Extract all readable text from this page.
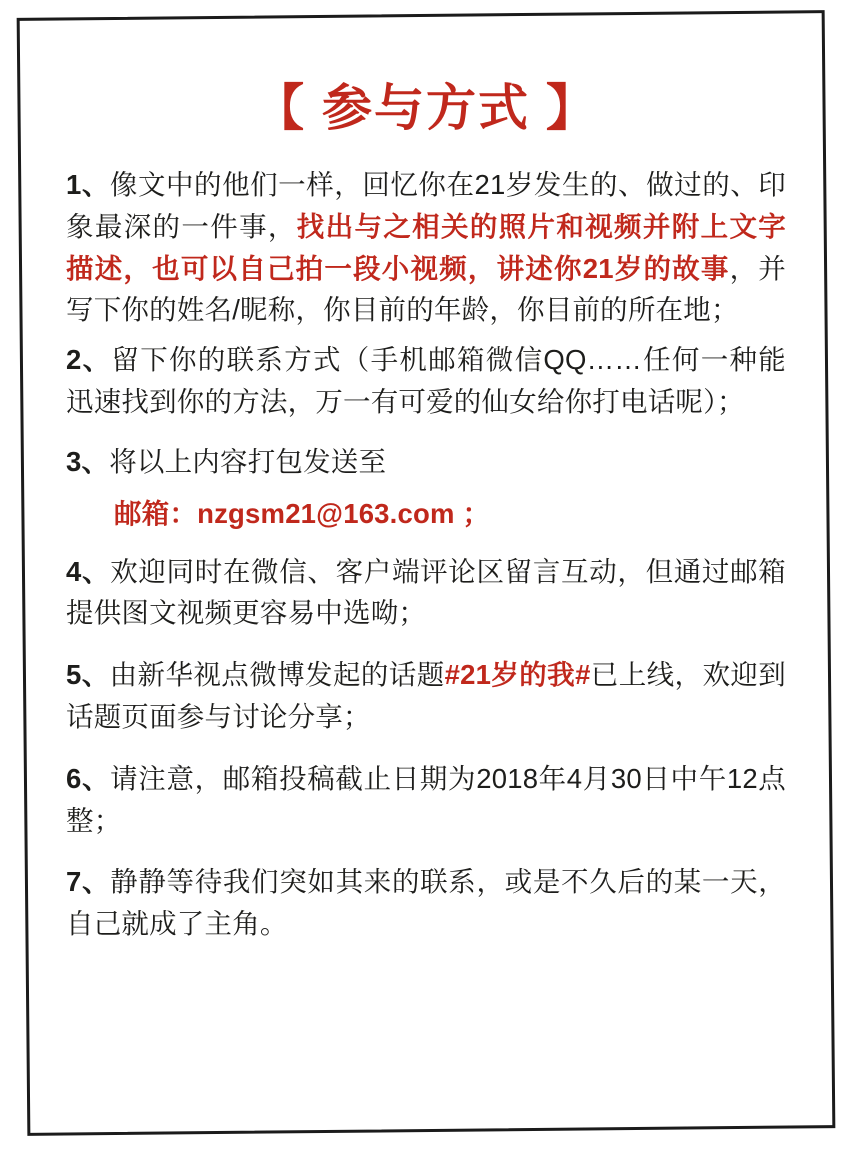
【 参与方式 】
1、像文中的他们一样，回忆你在21岁发生的、做过的、印象最深的一件事，找出与之相关的照片和视频并附上文字描述，也可以自己拍一段小视频，讲述你21岁的故事，并写下你的姓名/昵称，你目前的年龄，你目前的所在地；
2、留下你的联系方式（手机邮箱微信QQ……任何一种能迅速找到你的方法，万一有可爱的仙女给你打电话呢）；
3、将以上内容打包发送至
邮箱：nzgsm21@163.com ；
4、欢迎同时在微信、客户端评论区留言互动，但通过邮箱提供图文视频更容易中选呦；
5、由新华视点微博发起的话题#21岁的我#已上线，欢迎到话题页面参与讨论分享；
6、请注意，邮箱投稿截止日期为2018年4月30日中午12点整；
7、静静等待我们突如其来的联系，或是不久后的某一天，自己就成了主角。
